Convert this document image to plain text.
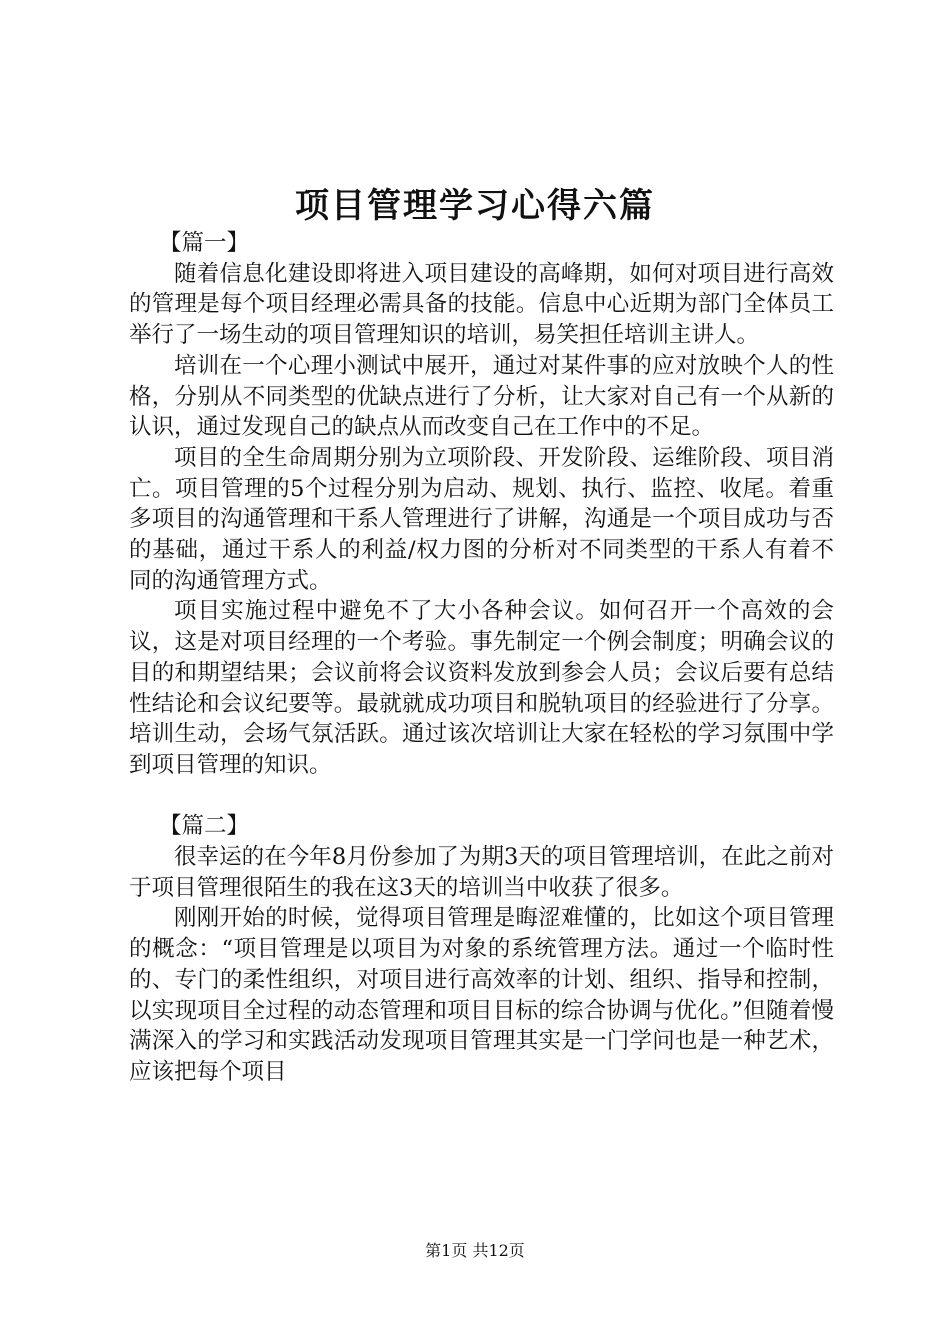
项目管理学习心得六篇
【篇一】

随着信息化建设即将进入项目建设的高峰期，如何对项目进行高效的管理是每个项目经理必需具备的技能。信息中心近期为部门全体员工举行了一场生动的项目管理知识的培训，易笑担任培训主讲人。

培训在一个心理小测试中展开，通过对某件事的应对放映个人的性格，分别从不同类型的优缺点进行了分析，让大家对自己有一个从新的认识，通过发现自己的缺点从而改变自己在工作中的不足。

项目的全生命周期分别为立项阶段、开发阶段、运维阶段、项目消亡。项目管理的5个过程分别为启动、规划、执行、监控、收尾。着重多项目的沟通管理和干系人管理进行了讲解，沟通是一个项目成功与否的基础，通过干系人的利益/权力图的分析对不同类型的干系人有着不同的沟通管理方式。

项目实施过程中避免不了大小各种会议。如何召开一个高效的会议，这是对项目经理的一个考验。事先制定一个例会制度；明确会议的目的和期望结果；会议前将会议资料发放到参会人员；会议后要有总结性结论和会议纪要等。最就就成功项目和脱轨项目的经验进行了分享。培训生动，会场气氛活跃。通过该次培训让大家在轻松的学习氛围中学到项目管理的知识。

【篇二】

很幸运的在今年8月份参加了为期3天的项目管理培训，在此之前对于项目管理很陌生的我在这3天的培训当中收获了很多。

刚刚开始的时候，觉得项目管理是晦涩难懂的，比如这个项目管理的概念：“项目管理是以项目为对象的系统管理方法。通过一个临时性的、专门的柔性组织，对项目进行高效率的计划、组织、指导和控制，以实现项目全过程的动态管理和项目目标的综合协调与优化。”但随着慢满深入的学习和实践活动发现项目管理其实是一门学问也是一种艺术，应该把每个项目

第1页 共12页
